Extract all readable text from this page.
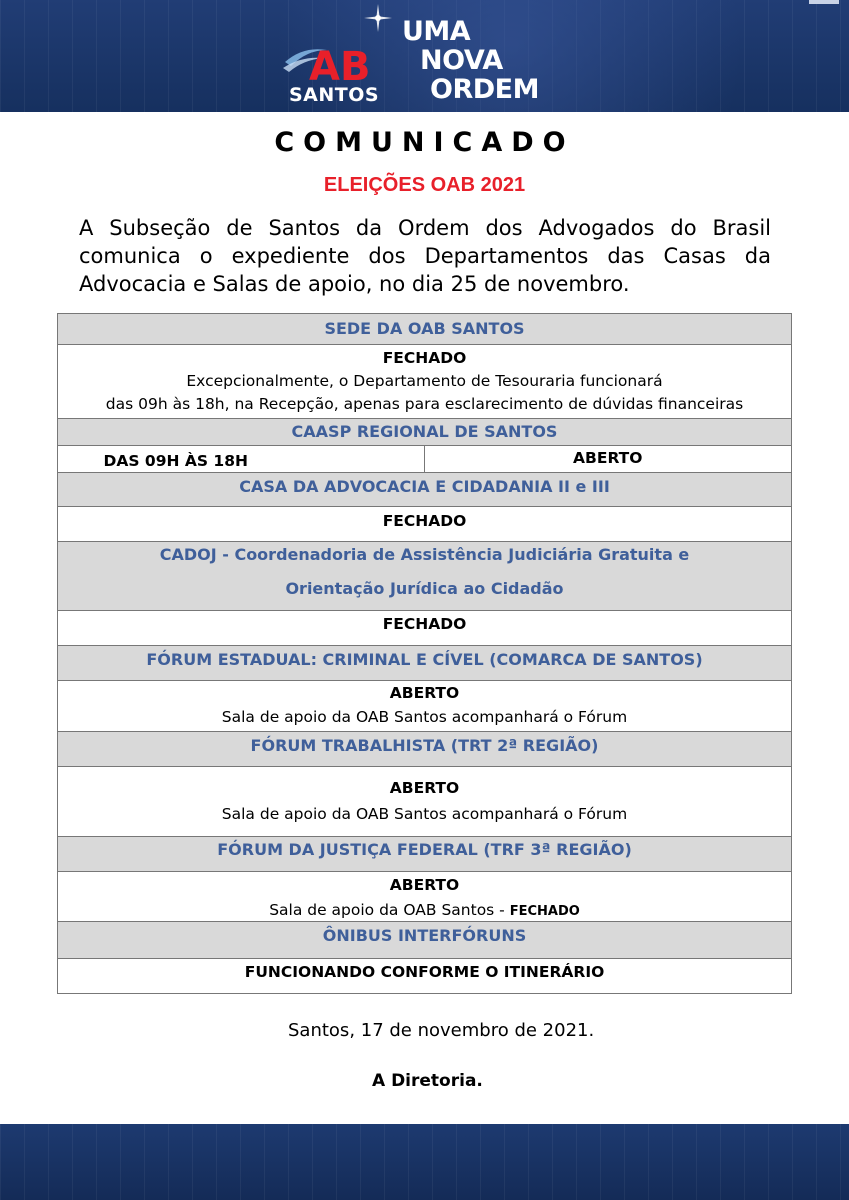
AB
SANTOS
UMA
NOVA
ORDEM
COMUNICADO
ELEIÇÕES OAB 2021
A Subseção de Santos da Ordem dos Advogados do Brasil comunica o expediente dos Departamentos das Casas da Advocacia e Salas de apoio, no dia 25 de novembro.
SEDE DA OAB SANTOS
FECHADO
Excepcionalmente, o Departamento de Tesouraria funcionará
das 09h às 18h, na Recepção, apenas para esclarecimento de dúvidas financeiras
CAASP REGIONAL DE SANTOS
DAS 09H ÀS 18H	ABERTO
CASA DA ADVOCACIA E CIDADANIA II e III
FECHADO
CADOJ - Coordenadoria de Assistência Judiciária Gratuita e
Orientação Jurídica ao Cidadão
FECHADO
FÓRUM ESTADUAL: CRIMINAL E CÍVEL (COMARCA DE SANTOS)
ABERTO
Sala de apoio da OAB Santos acompanhará o Fórum
FÓRUM TRABALHISTA (TRT 2ª REGIÃO)
ABERTO
Sala de apoio da OAB Santos acompanhará o Fórum
FÓRUM DA JUSTIÇA FEDERAL (TRF 3ª REGIÃO)
ABERTO
Sala de apoio da OAB Santos - FECHADO
ÔNIBUS INTERFÓRUNS
FUNCIONANDO CONFORME O ITINERÁRIO
Santos, 17 de novembro de 2021.
A Diretoria.
